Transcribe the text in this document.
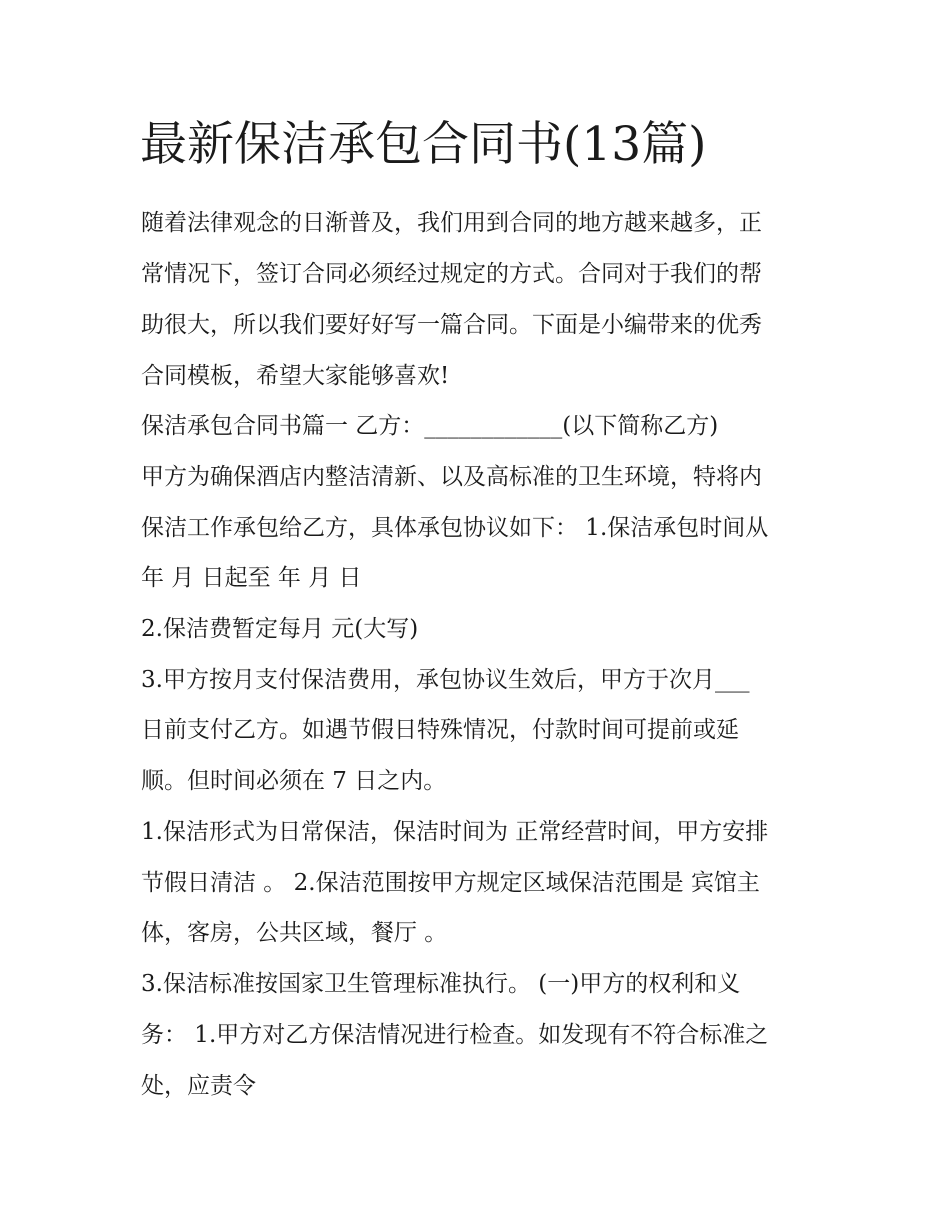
最新保洁承包合同书(13篇)

随着法律观念的日渐普及，我们用到合同的地方越来越多，正

常情况下，签订合同必须经过规定的方式。合同对于我们的帮

助很大，所以我们要好好写一篇合同。下面是小编带来的优秀

合同模板，希望大家能够喜欢!

保洁承包合同书篇一 乙方：____________(以下简称乙方)

甲方为确保酒店内整洁清新、以及高标准的卫生环境，特将内

保洁工作承包给乙方，具体承包协议如下： 1.保洁承包时间从

年 月 日起至 年 月 日

2.保洁费暂定每月 元(大写)

3.甲方按月支付保洁费用，承包协议生效后，甲方于次月___

日前支付乙方。如遇节假日特殊情况，付款时间可提前或延

顺。但时间必须在 7 日之内。

1.保洁形式为日常保洁，保洁时间为 正常经营时间，甲方安排

节假日清洁 。 2.保洁范围按甲方规定区域保洁范围是 宾馆主

体，客房，公共区域，餐厅 。

3.保洁标准按国家卫生管理标准执行。 (一)甲方的权利和义

务： 1.甲方对乙方保洁情况进行检查。如发现有不符合标准之

处，应责令
